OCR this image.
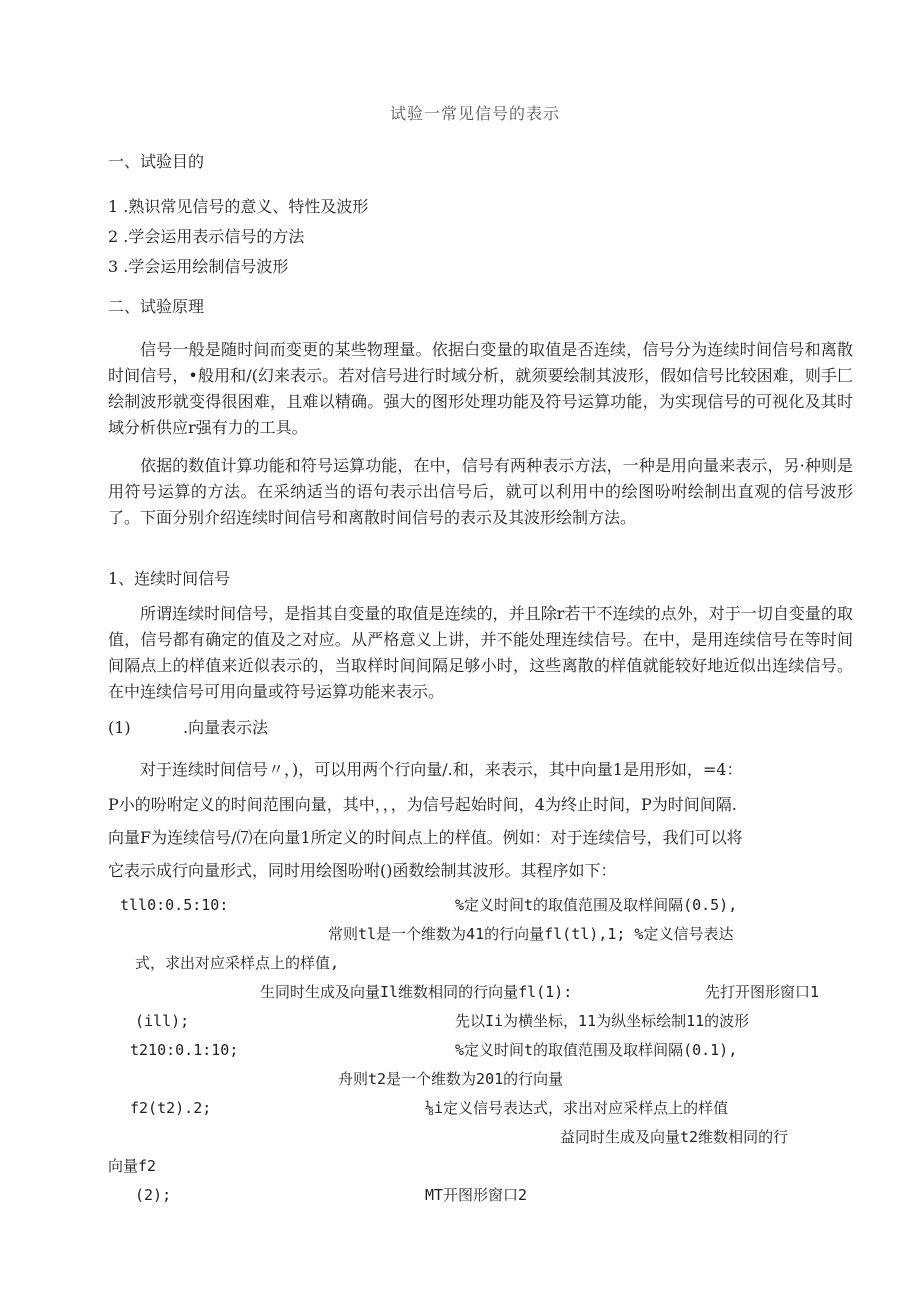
试验一常见信号的表示
一、试验目的
1 .熟识常见信号的意义、特性及波形
2 .学会运用表示信号的方法
3 .学会运用绘制信号波形
二、试验原理
信号一般是随时间而变更的某些物理量。依据白变量的取值是否连续，信号分为连续时间信号和离散时间信号，•般用和/(幻来表示。若对信号进行时域分析，就须要绘制其波形，假如信号比较困难，则手匚绘制波形就变得很困难，且难以精确。强大的图形处理功能及符号运算功能，为实现信号的可视化及其时域分析供应r强有力的工具。
依据的数值计算功能和符号运算功能，在中，信号有两种表示方法，一种是用向量来表示，另·种则是用符号运算的方法。在采纳适当的语句表示出信号后，就可以利用中的绘图吩咐绘制出直观的信号波形了。下面分别介绍连续时间信号和离散时间信号的表示及其波形绘制方法。
1、连续时间信号
所谓连续时间信号，是指其自变量的取值是连续的，并且除r若干不连续的点外，对于一切自变量的取值，信号都有确定的值及之对应。从严格意义上讲，并不能处理连续信号。在中，是用连续信号在等时间间隔点上的样值来近似表示的，当取样时间间隔足够小时，这些离散的样值就能较好地近似出连续信号。在中连续信号可用向量或符号运算功能来表示。
(1)	.向量表示法
对于连续时间信号〃，)，可以用两个行向量/.和，来表示，其中向量1是用形如，=4：
P小的吩咐定义的时间范围向量，其中，，，为信号起始时间，4为终止时间，P为时间间隔.
向量F为连续信号/⑺在向量1所定义的时间点上的样值。例如：对于连续信号，我们可以将
它表示成行向量形式，同时用绘图吩咐()函数绘制其波形。其程序如下：
tll0:0.5:10:	%定义时间t的取值范围及取样间隔(0.5),
常则tl是一个维数为41的行向量fl(tl),1; %定义信号表达
式，求出对应采样点上的样值,
生同时生成及向量Il维数相同的行向量fl(1):	先打开图形窗口1
(ill);	先以Ii为横坐标，11为纵坐标绘制11的波形
t210:0.1:10;	%定义时间t的取值范围及取样间隔(0.1),
舟则t2是一个维数为201的行向量
f2(t2).2;	⅛i定义信号表达式，求出对应采样点上的样值
益同时生成及向量t2维数相同的行
向量f2
(2);	MT开图形窗口2
